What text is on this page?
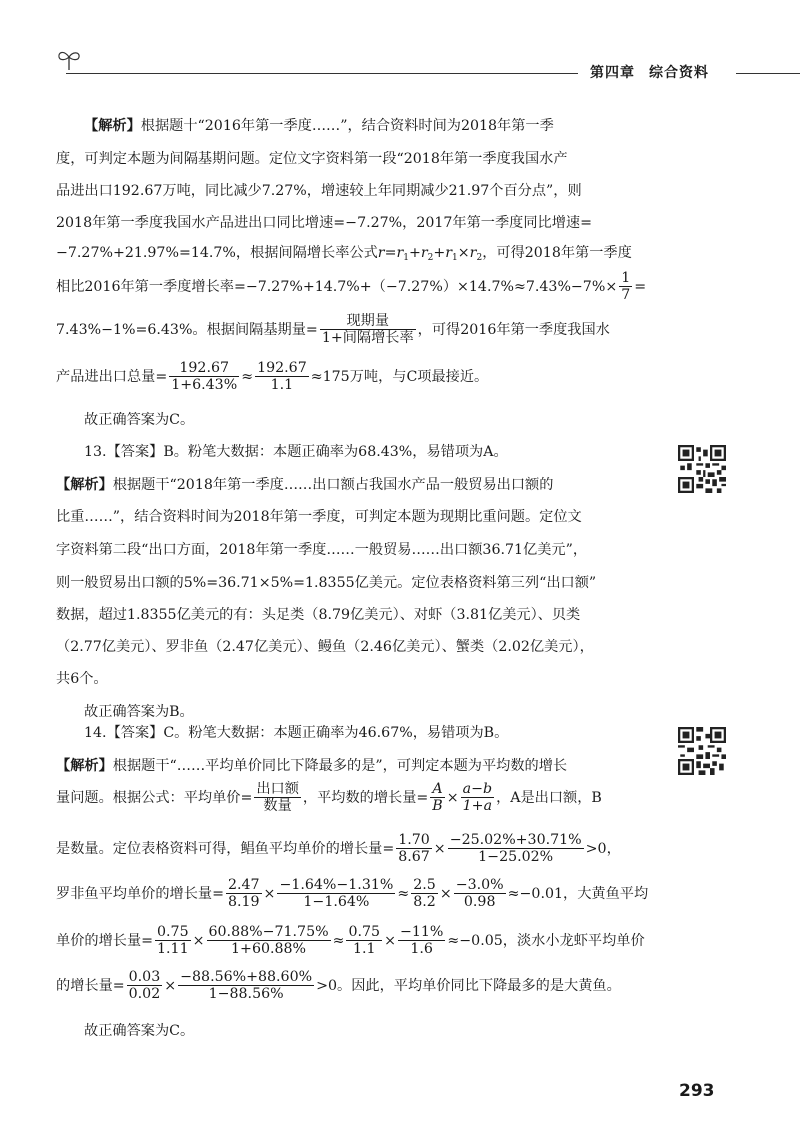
第四章 综合资料
【解析】根据题十“2016年第一季度……”，结合资料时间为2018年第一季
度，可判定本题为间隔基期问题。定位文字资料第一段“2018年第一季度我国水产
品进出口192.67万吨，同比减少7.27%，增速较上年同期减少21.97个百分点”，则
2018年第一季度我国水产品进出口同比增速=−7.27%，2017年第一季度同比增速=
−7.27%+21.97%=14.7%，根据间隔增长率公式$r=r_1+r_2+r_1\times r_2$，可得2018年第一季度
相比2016年第一季度增长率$=-7.27\%+14.7\%+(-7.27\%)\times 14.7\%\approx 7.43\%-7\%\times \frac{1}{7}$ =
7.43%−1%=6.43%。根据间隔基期量= $\frac{\text{现期量}}{\text{1+间隔增长率}}$ ，可得2016年第一季度我国水
产品进出口总量= $\frac{192.67}{1+6.43\%} \approx \frac{192.67}{1.1} \approx 175$万吨，与C项最接近。
故正确答案为C。
13.【答案】B。粉笔大数据：本题正确率为68.43%，易错项为A。
【解析】根据题干“2018年第一季度……出口额占我国水产品一般贸易出口额的
比重……”，结合资料时间为2018年第一季度，可判定本题为现期比重问题。定位文
字资料第二段“出口方面，2018年第一季度……一般贸易……出口额36.71亿美元”，
则一般贸易出口额的5%=36.71×5%=1.8355亿美元。定位表格资料第三列“出口额”
数据，超过1.8355亿美元的有：头足类（8.79亿美元）、对虾（3.81亿美元）、贝类
（2.77亿美元）、罗非鱼（2.47亿美元）、鳗鱼（2.46亿美元）、蟹类（2.02亿美元），
共6个。
故正确答案为B。
14.【答案】C。粉笔大数据：本题正确率为46.67%，易错项为B。
【解析】根据题干“……平均单价同比下降最多的是”，可判定本题为平均数的增长
量问题。根据公式：平均单价= $\frac{\text{出口额}}{\text{数量}}$ ，平均数的增长量= $\frac{A}{B} \times \frac{a-b}{1+a}$ ，A是出口额，B
是数量。定位表格资料可得，鲳鱼平均单价的增长量= $\frac{1.70}{8.67} \times \frac{-25.02\%+30.71\%}{1-25.02\%} >0$，
罗非鱼平均单价的增长量= $\frac{2.47}{8.19} \times \frac{-1.64\%-1.31\%}{1-1.64\%} \approx \frac{2.5}{8.2} \times \frac{-3.0\%}{0.98} \approx-0.01$，大黄鱼平均
单价的增长量= $\frac{0.75}{1.11} \times \frac{60.88\%-71.75\%}{1+60.88\%} \approx \frac{0.75}{1.1} \times \frac{-11\%}{1.6} \approx-0.05$，淡水小龙虾平均单价
的增长量= $\frac{0.03}{0.02} \times \frac{-88.56\%+88.60\%}{1-88.56\%} >0$。因此，平均单价同比下降最多的是大黄鱼。
故正确答案为C。
293
